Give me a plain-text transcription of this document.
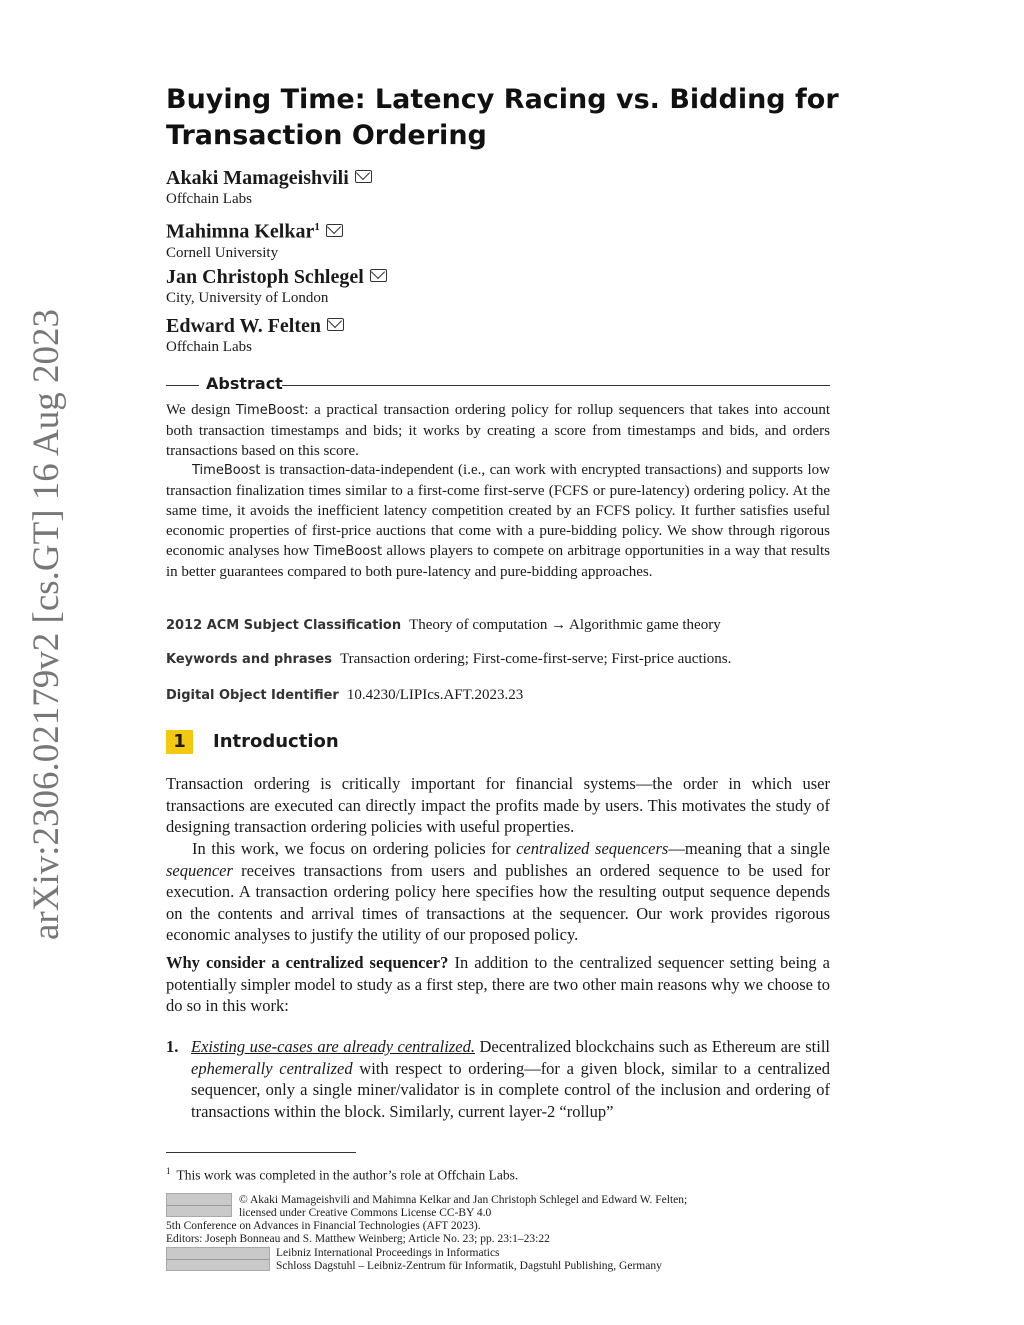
arXiv:2306.02179v2 [cs.GT] 16 Aug 2023
Buying Time: Latency Racing vs. Bidding for Transaction Ordering
Akaki Mamageishvili
Offchain Labs
Mahimna Kelkar$^1$
Cornell University
Jan Christoph Schlegel
City, University of London
Edward W. Felten
Offchain Labs
Abstract
We design TimeBoost: a practical transaction ordering policy for rollup sequencers that takes into account both transaction timestamps and bids; it works by creating a score from timestamps and bids, and orders transactions based on this score.
TimeBoost is transaction-data-independent (i.e., can work with encrypted transactions) and supports low transaction finalization times similar to a first-come first-serve (FCFS or pure-latency) ordering policy. At the same time, it avoids the inefficient latency competition created by an FCFS policy. It further satisfies useful economic properties of first-price auctions that come with a pure-bidding policy. We show through rigorous economic analyses how TimeBoost allows players to compete on arbitrage opportunities in a way that results in better guarantees compared to both pure-latency and pure-bidding approaches.
2012 ACM Subject Classification Theory of computation → Algorithmic game theory
Keywords and phrases Transaction ordering; First-come-first-serve; First-price auctions.
Digital Object Identifier 10.4230/LIPIcs.AFT.2023.23
1 Introduction
Transaction ordering is critically important for financial systems—the order in which user transactions are executed can directly impact the profits made by users. This motivates the study of designing transaction ordering policies with useful properties.
In this work, we focus on ordering policies for centralized sequencers—meaning that a single sequencer receives transactions from users and publishes an ordered sequence to be used for execution. A transaction ordering policy here specifies how the resulting output sequence depends on the contents and arrival times of transactions at the sequencer. Our work provides rigorous economic analyses to justify the utility of our proposed policy.
Why consider a centralized sequencer? In addition to the centralized sequencer setting being a potentially simpler model to study as a first step, there are two other main reasons why we choose to do so in this work:
1. Existing use-cases are already centralized. Decentralized blockchains such as Ethereum are still ephemerally centralized with respect to ordering—for a given block, similar to a centralized sequencer, only a single miner/validator is in complete control of the inclusion and ordering of transactions within the block. Similarly, current layer-2 “rollup”
$^1$ This work was completed in the author’s role at Offchain Labs.
© Akaki Mamageishvili and Mahimna Kelkar and Jan Christoph Schlegel and Edward W. Felten;
licensed under Creative Commons License CC-BY 4.0
5th Conference on Advances in Financial Technologies (AFT 2023).
Editors: Joseph Bonneau and S. Matthew Weinberg; Article No. 23; pp. 23:1–23:22
Leibniz International Proceedings in Informatics
Schloss Dagstuhl – Leibniz-Zentrum für Informatik, Dagstuhl Publishing, Germany
